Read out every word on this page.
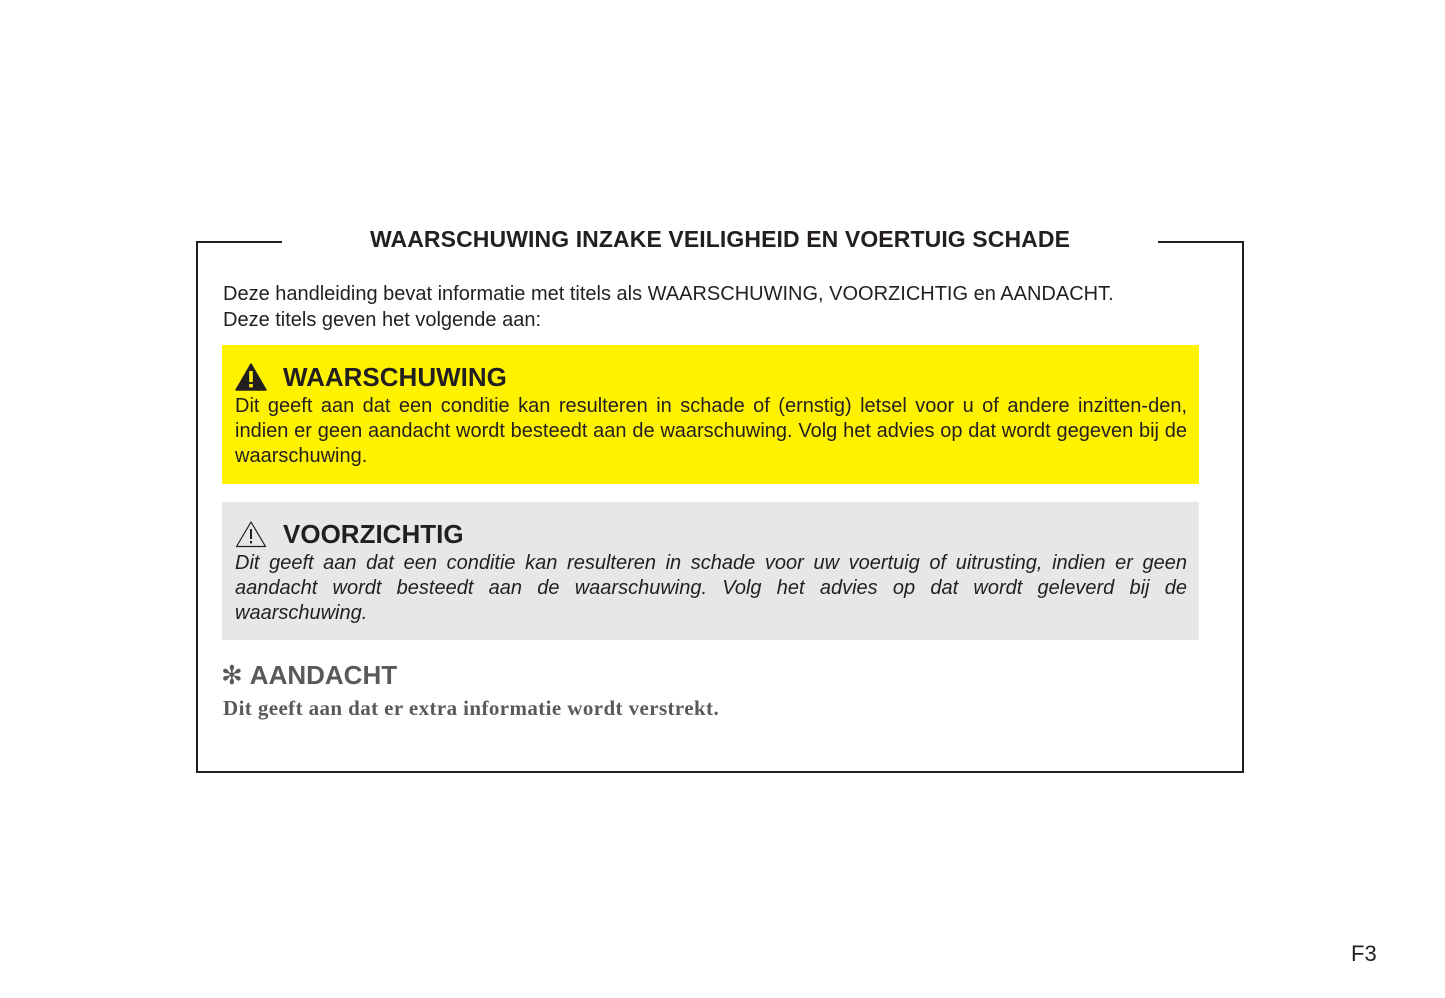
WAARSCHUWING INZAKE VEILIGHEID EN VOERTUIG SCHADE
Deze handleiding bevat informatie met titels als WAARSCHUWING, VOORZICHTIG en AANDACHT.
Deze titels geven het volgende aan:
WAARSCHUWING
Dit geeft aan dat een conditie kan resulteren in schade of (ernstig) letsel voor u of andere inzitten-den, indien er geen aandacht wordt besteedt aan de waarschuwing. Volg het advies op dat wordt gegeven bij de waarschuwing.
VOORZICHTIG
Dit geeft aan dat een conditie kan resulteren in schade voor uw voertuig of uitrusting, indien er geen aandacht wordt besteedt aan de waarschuwing. Volg het advies op dat wordt geleverd bij de waarschuwing.
✻ AANDACHT
Dit geeft aan dat er extra informatie wordt verstrekt.
F3
